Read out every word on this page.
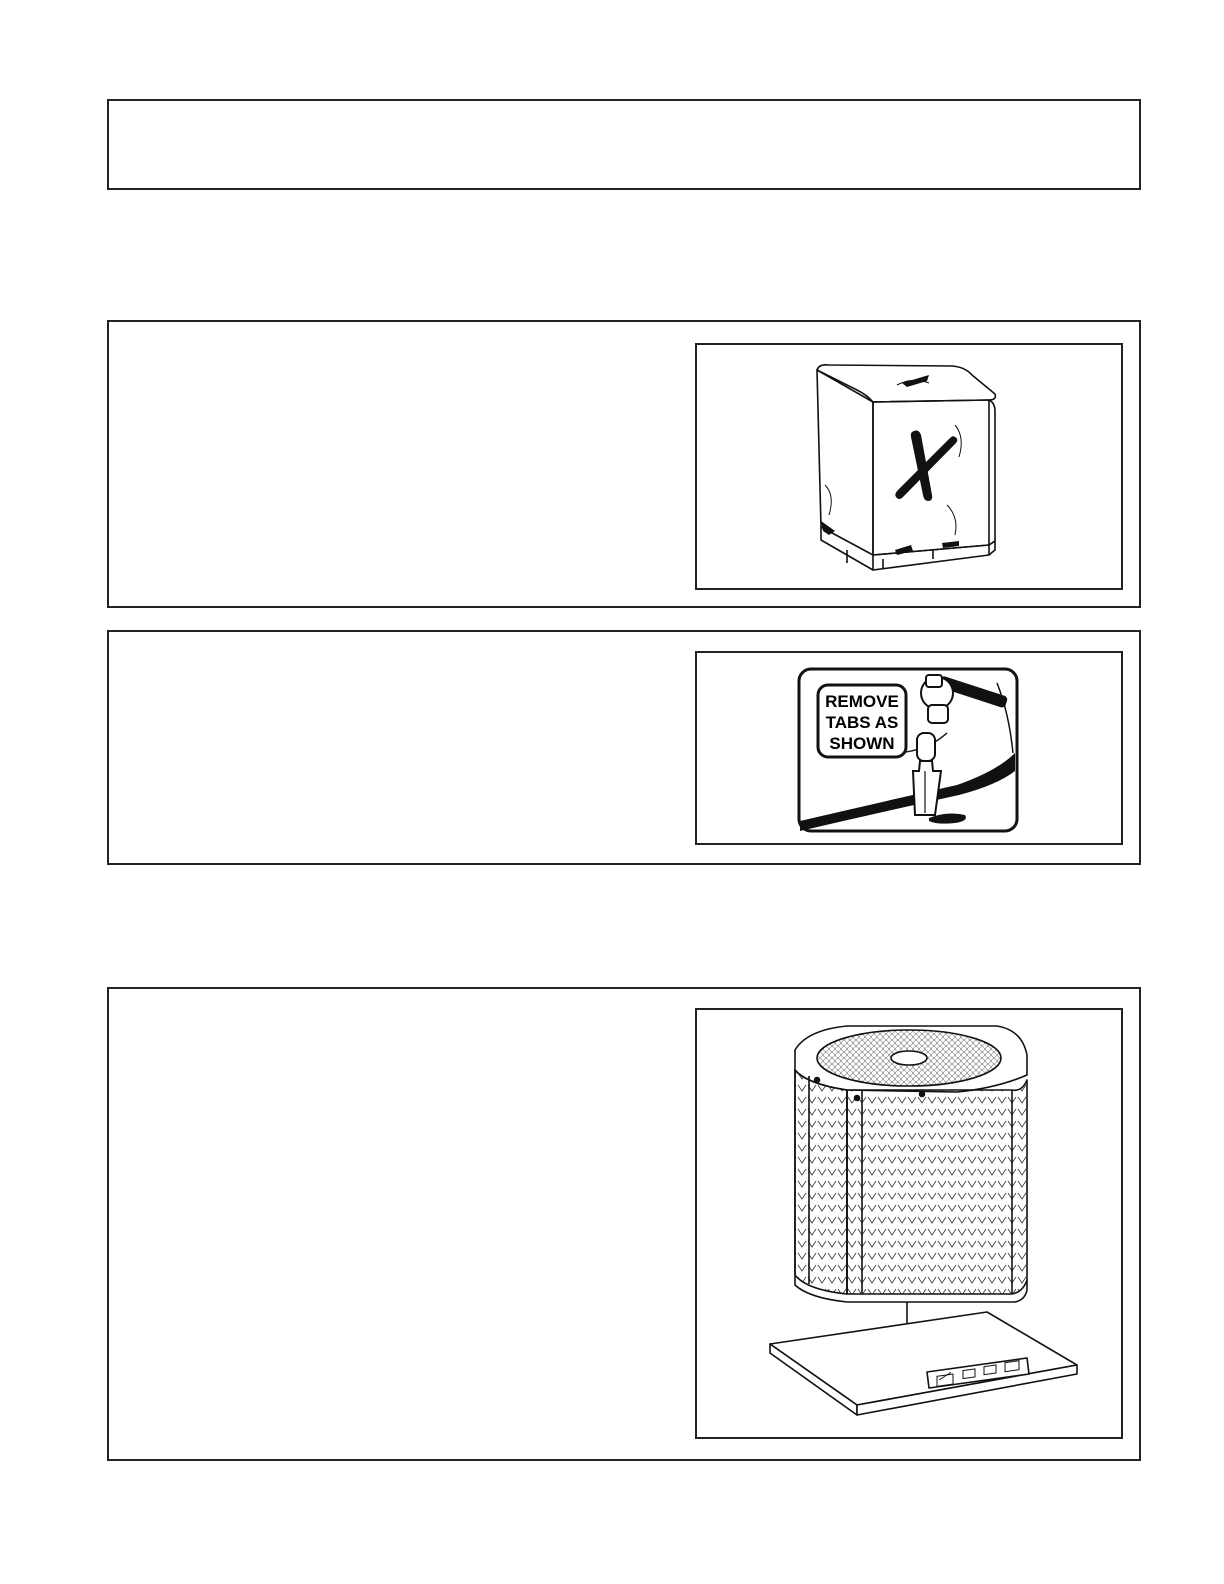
REMOVE
TABS AS
SHOWN
